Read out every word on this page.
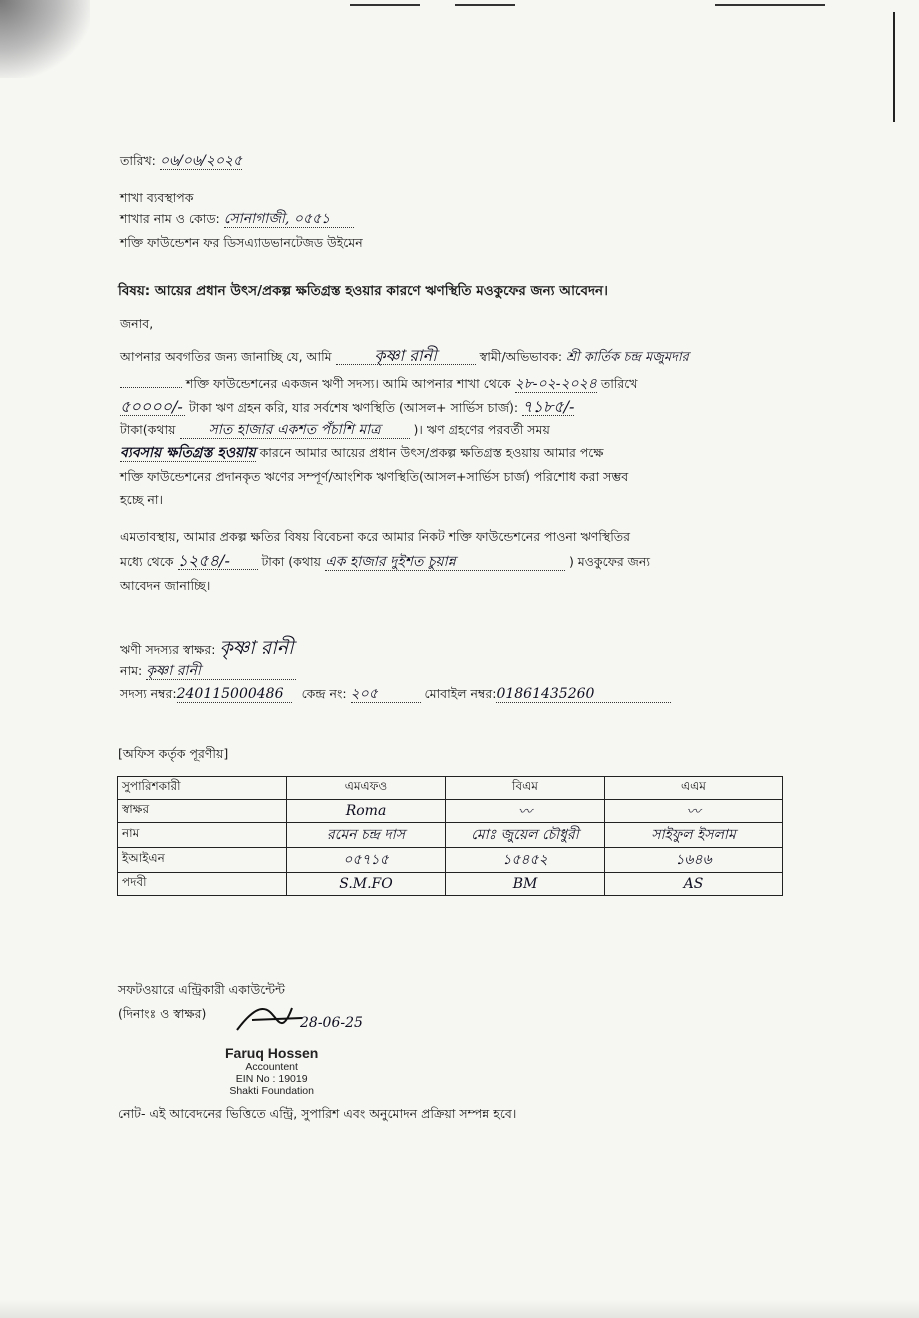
তারিখ: ০৬/০৬/২০২৫
শাখা ব্যবস্থাপক
শাখার নাম ও কোড: সোনাগাজী, ০৫৫১
শক্তি ফাউন্ডেশন ফর ডিসএ্যাডভানটেজড উইমেন
বিষয়: আয়ের প্রধান উৎস/প্রকল্প ক্ষতিগ্রস্ত হওয়ার কারণে ঋণস্থিতি মওকুফের জন্য আবেদন।
জনাব,
আপনার অবগতির জন্য জানাচ্ছি যে, আমি	কৃষ্ণা রানী	স্বামী/অভিভাবক: শ্রী কার্তিক চন্দ্র মজুমদার
শক্তি ফাউন্ডেশনের একজন ঋণী সদস্য। আমি আপনার শাখা থেকে ২৮-০২-২০২৪ তারিখে
৫০০০০/- টাকা ঋণ গ্রহন করি, যার সর্বশেষ ঋণস্থিতি (আসল+ সার্ভিস চার্জ): ৭১৮৫/-
টাকা(কথায় সাত হাজার একশত পঁচাশি মাত্র	)। ঋণ গ্রহণের পরবর্তী সময়
ব্যবসায় ক্ষতিগ্রস্ত হওয়ায় কারনে আমার আয়ের প্রধান উৎস/প্রকল্প ক্ষতিগ্রস্ত হওয়ায় আমার পক্ষে
শক্তি ফাউন্ডেশনের প্রদানকৃত ঋণের সম্পূর্ণ/আংশিক ঋণস্থিতি(আসল+সার্ভিস চার্জ) পরিশোধ করা সম্ভব
হচ্ছে না।
এমতাবস্থায়, আমার প্রকল্প ক্ষতির বিষয় বিবেচনা করে আমার নিকট শক্তি ফাউন্ডেশনের পাওনা ঋণস্থিতির
মধ্যে থেকে ১২৫৪/-	টাকা (কথায় এক হাজার দুইশত চুয়ান্ন	) মওকুফের জন্য
আবেদন জানাচ্ছি।
ঋণী সদস্যর স্বাক্ষর: কৃষ্ণা রানী
নাম: কৃষ্ণা রানী
সদস্য নম্বর:240115000486 কেন্দ্র নং: ২০৫	মোবাইল নম্বর:01861435260
[অফিস কর্তৃক পূরণীয়]
সুপারিশকারী	এমএফও	বিএম	এএম
স্বাক্ষর	Roma	〰	〰
নাম	রমেন চন্দ্র দাস	মোঃ জুয়েল চৌধুরী	সাইফুল ইসলাম
ইআইএন	০৫৭১৫	১৫৪৫২	১৬৪৬
পদবী	S.M.FO	BM	AS
সফটওয়ারে এন্ট্রিকারী একাউন্টেন্ট
(দিনাংঃ ও স্বাক্ষর)
28-06-25
Faruq Hossen
Accountent
EIN No : 19019
Shakti Foundation
নোট- এই আবেদনের ভিত্তিতে এন্ট্রি, সুপারিশ এবং অনুমোদন প্রক্রিয়া সম্পন্ন হবে।
